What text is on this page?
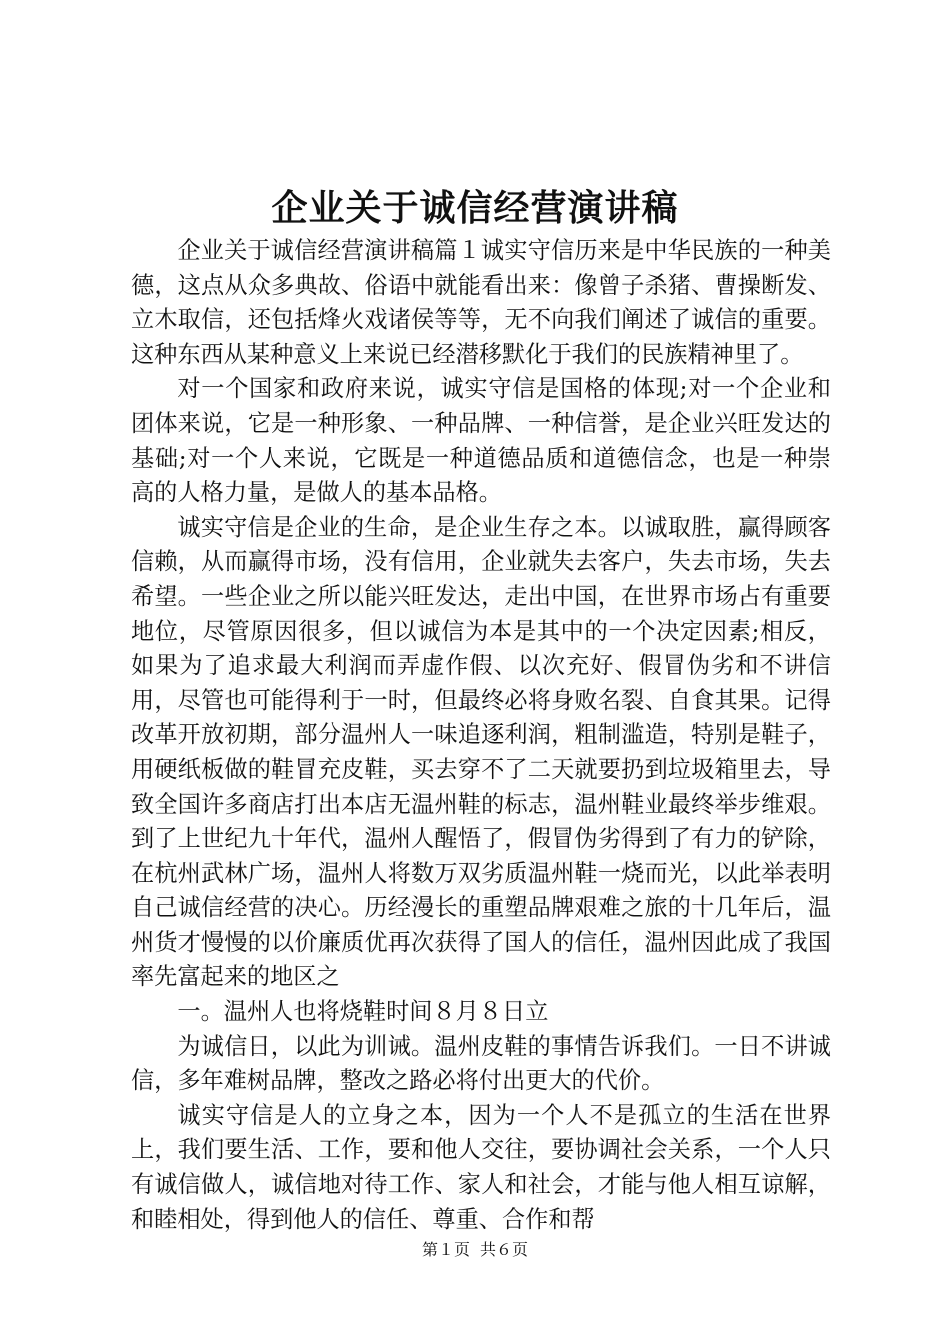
企业关于诚信经营演讲稿

企业关于诚信经营演讲稿篇１诚实守信历来是中华民族的一种美德，这点从众多典故、俗语中就能看出来：像曾子杀猪、曹操断发、立木取信，还包括烽火戏诸侯等等，无不向我们阐述了诚信的重要。这种东西从某种意义上来说已经潜移默化于我们的民族精神里了。

对一个国家和政府来说，诚实守信是国格的体现;对一个企业和团体来说，它是一种形象、一种品牌、一种信誉，是企业兴旺发达的基础;对一个人来说，它既是一种道德品质和道德信念，也是一种崇高的人格力量，是做人的基本品格。

诚实守信是企业的生命，是企业生存之本。以诚取胜，赢得顾客信赖，从而赢得市场，没有信用，企业就失去客户，失去市场，失去希望。一些企业之所以能兴旺发达，走出中国，在世界市场占有重要地位，尽管原因很多，但以诚信为本是其中的一个决定因素;相反，如果为了追求最大利润而弄虚作假、以次充好、假冒伪劣和不讲信用，尽管也可能得利于一时，但最终必将身败名裂、自食其果。记得改革开放初期，部分温州人一味追逐利润，粗制滥造，特别是鞋子，用硬纸板做的鞋冒充皮鞋，买去穿不了二天就要扔到垃圾箱里去，导致全国许多商店打出本店无温州鞋的标志，温州鞋业最终举步维艰。到了上世纪九十年代，温州人醒悟了，假冒伪劣得到了有力的铲除，在杭州武林广场，温州人将数万双劣质温州鞋一烧而光，以此举表明自己诚信经营的决心。历经漫长的重塑品牌艰难之旅的十几年后，温州货才慢慢的以价廉质优再次获得了国人的信任，温州因此成了我国率先富起来的地区之

一。温州人也将烧鞋时间８月８日立

为诚信日，以此为训诫。温州皮鞋的事情告诉我们。一日不讲诚信，多年难树品牌，整改之路必将付出更大的代价。

诚实守信是人的立身之本，因为一个人不是孤立的生活在世界上，我们要生活、工作，要和他人交往，要协调社会关系，一个人只有诚信做人，诚信地对待工作、家人和社会，才能与他人相互谅解，和睦相处，得到他人的信任、尊重、合作和帮

第１页 共６页
